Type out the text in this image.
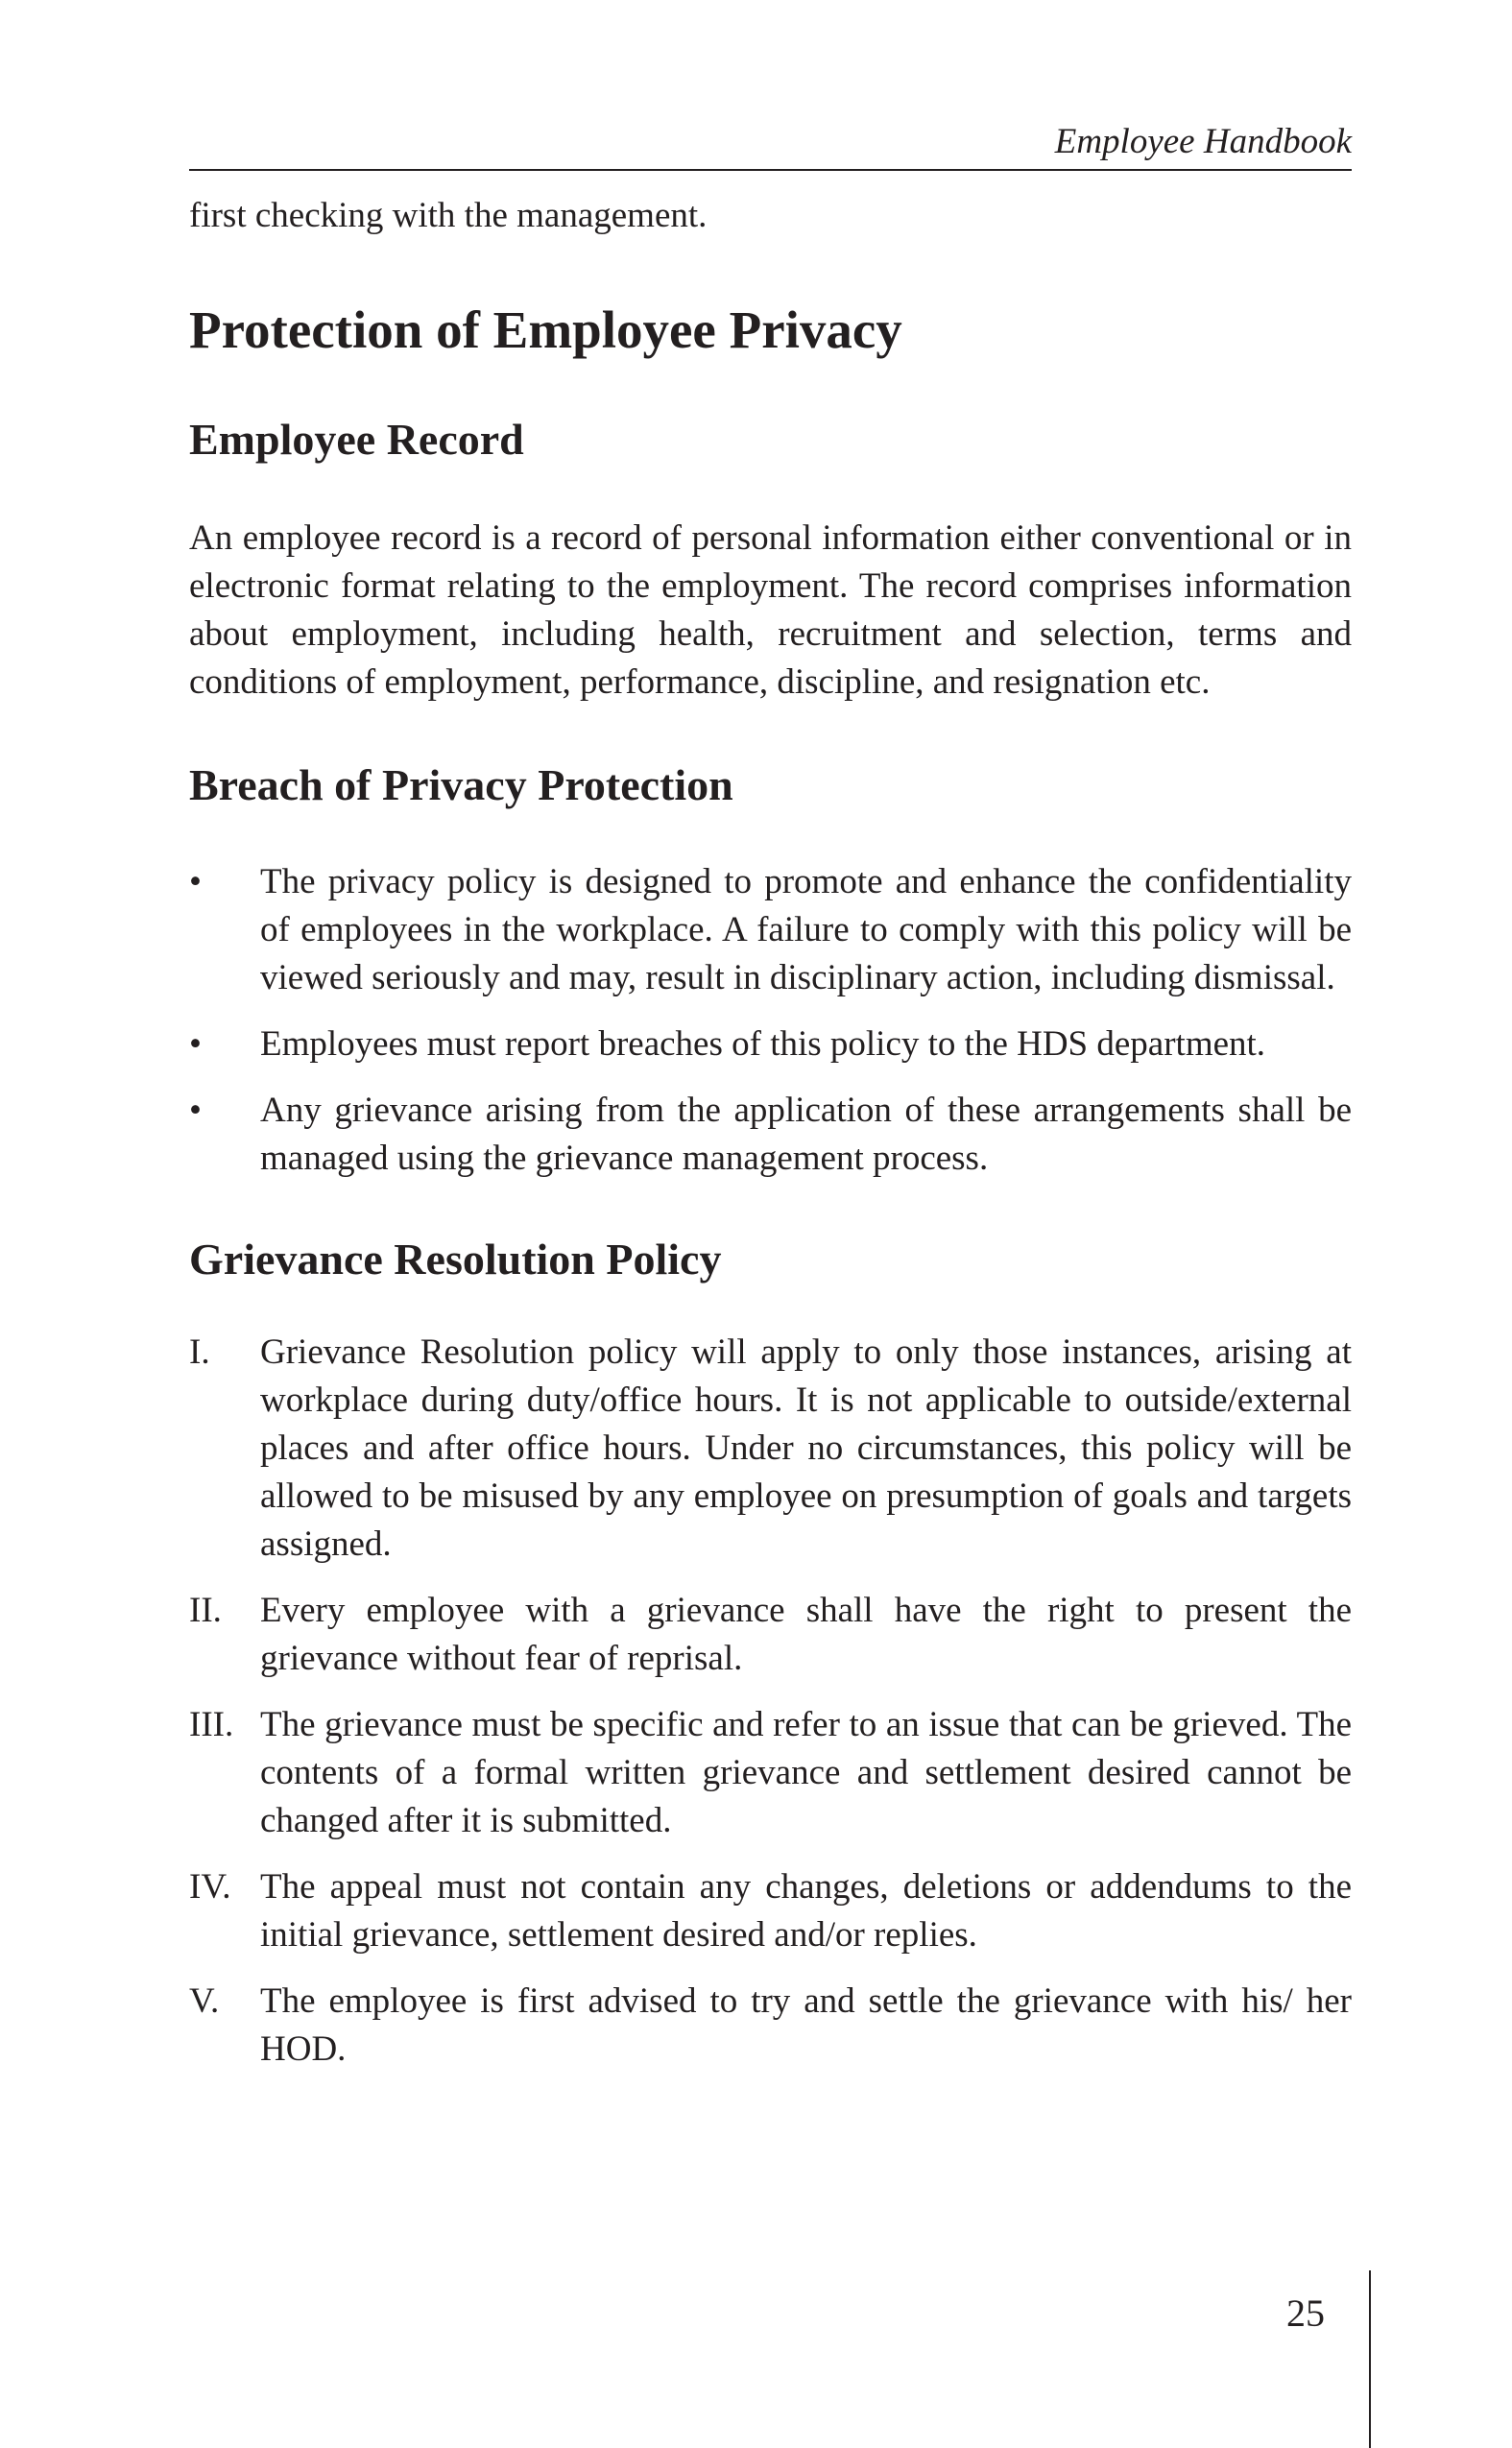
Employee Handbook

first checking with the management.

Protection of Employee Privacy
Employee Record

An employee record is a record of personal information either conventional or in electronic format relating to the employment. The record comprises information about employment, including health, recruitment and selection, terms and conditions of employment, performance, discipline, and resignation etc.

Breach of Privacy Protection
•	The privacy policy is designed to promote and enhance the confidentiality of employees in the workplace. A failure to comply with this policy will be viewed seriously and may, result in disciplinary action, including dismissal.
•	Employees must report breaches of this policy to the HDS department.
•	Any grievance arising from the application of these arrangements shall be managed using the grievance management process.
Grievance Resolution Policy
I.	Grievance Resolution policy will apply to only those instances, arising at workplace during duty/office hours. It is not applicable to outside/external places and after office hours. Under no circumstances, this policy will be allowed to be misused by any employee on presumption of goals and targets assigned.
II.	Every employee with a grievance shall have the right to present the grievance without fear of reprisal.
III. The grievance must be specific and refer to an issue that can be grieved. The contents of a formal written grievance and settlement desired cannot be changed after it is submitted.
IV. The appeal must not contain any changes, deletions or addendums to the initial grievance, settlement desired and/or replies.
V.	The employee is first advised to try and settle the grievance with his/ her HOD.
25
